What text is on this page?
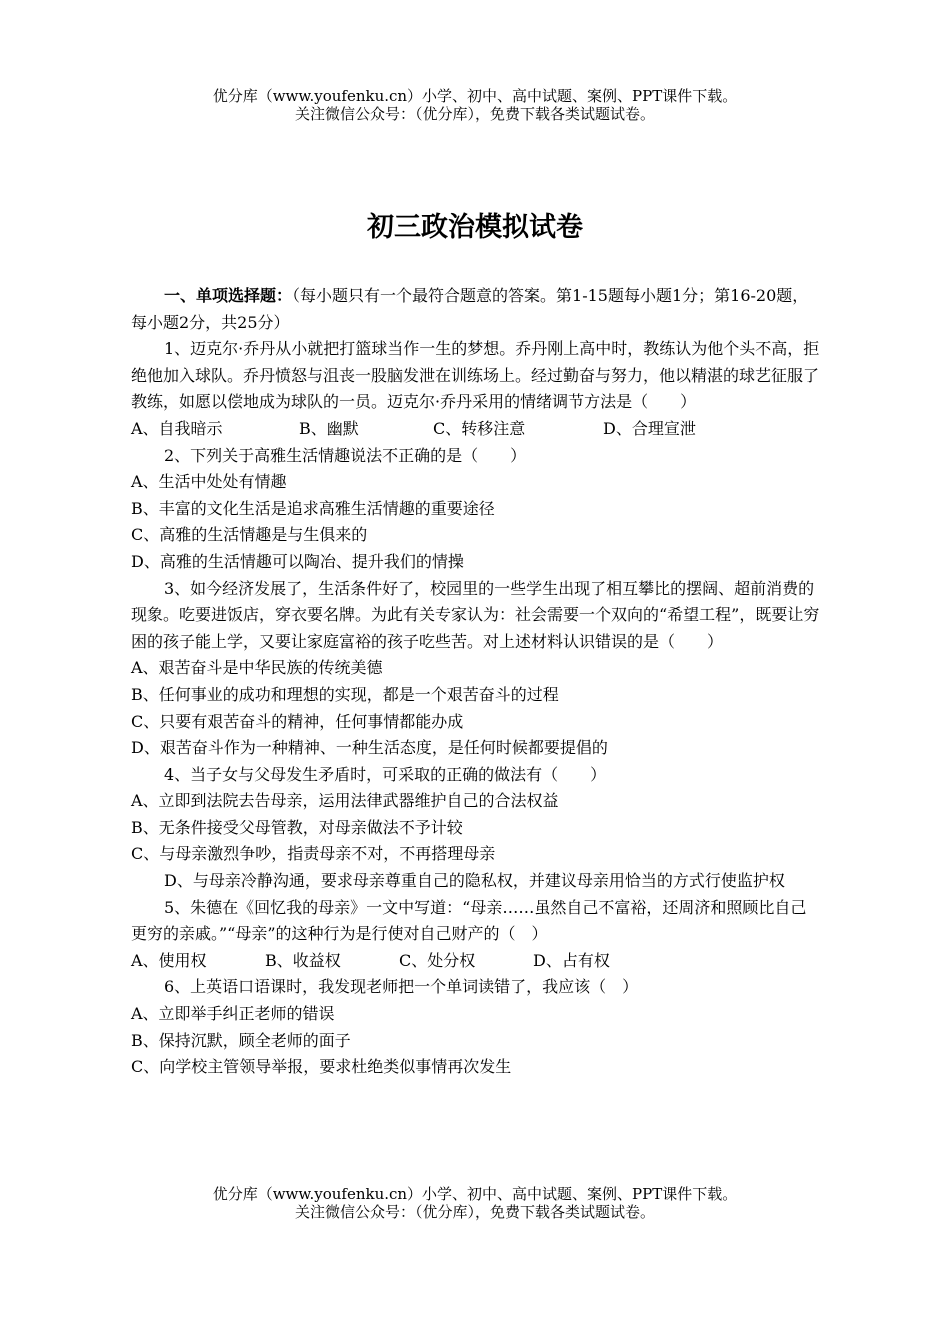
优分库（www.youfenku.cn）小学、初中、高中试题、案例、PPT课件下载。
关注微信公众号：（优分库），免费下载各类试题试卷。
初三政治模拟试卷

一、单项选择题：（每小题只有一个最符合题意的答案。第1-15题每小题1分；第16-20题，每小题2分，共25分）

1、迈克尔·乔丹从小就把打篮球当作一生的梦想。乔丹刚上高中时，教练认为他个头不高，拒绝他加入球队。乔丹愤怒与沮丧一股脑发泄在训练场上。经过勤奋与努力，他以精湛的球艺征服了教练，如愿以偿地成为球队的一员。迈克尔·乔丹采用的情绪调节方法是（　　）

A、自我暗示	B、幽默	C、转移注意	D、合理宣泄

2、下列关于高雅生活情趣说法不正确的是（　　）

A、生活中处处有情趣

B、丰富的文化生活是追求高雅生活情趣的重要途径

C、高雅的生活情趣是与生俱来的

D、高雅的生活情趣可以陶冶、提升我们的情操

3、如今经济发展了，生活条件好了，校园里的一些学生出现了相互攀比的摆阔、超前消费的现象。吃要进饭店，穿衣要名牌。为此有关专家认为：社会需要一个双向的“希望工程”，既要让穷困的孩子能上学，又要让家庭富裕的孩子吃些苦。对上述材料认识错误的是（　　）

A、艰苦奋斗是中华民族的传统美德

B、任何事业的成功和理想的实现，都是一个艰苦奋斗的过程

C、只要有艰苦奋斗的精神，任何事情都能办成

D、艰苦奋斗作为一种精神、一种生活态度，是任何时候都要提倡的

4、当子女与父母发生矛盾时，可采取的正确的做法有（　　）

A、立即到法院去告母亲，运用法律武器维护自己的合法权益

B、无条件接受父母管教，对母亲做法不予计较

C、与母亲激烈争吵，指责母亲不对，不再搭理母亲

D、与母亲冷静沟通，要求母亲尊重自己的隐私权，并建议母亲用恰当的方式行使监护权

5、朱德在《回忆我的母亲》一文中写道：“母亲……虽然自己不富裕，还周济和照顾比自己更穷的亲戚。”“母亲”的这种行为是行使对自己财产的（　）

A、使用权	B、收益权	C、处分权	D、占有权

6、上英语口语课时，我发现老师把一个单词读错了，我应该（　）

A、立即举手纠正老师的错误

B、保持沉默，顾全老师的面子

C、向学校主管领导举报，要求杜绝类似事情再次发生

优分库（www.youfenku.cn）小学、初中、高中试题、案例、PPT课件下载。
关注微信公众号：（优分库），免费下载各类试题试卷。
